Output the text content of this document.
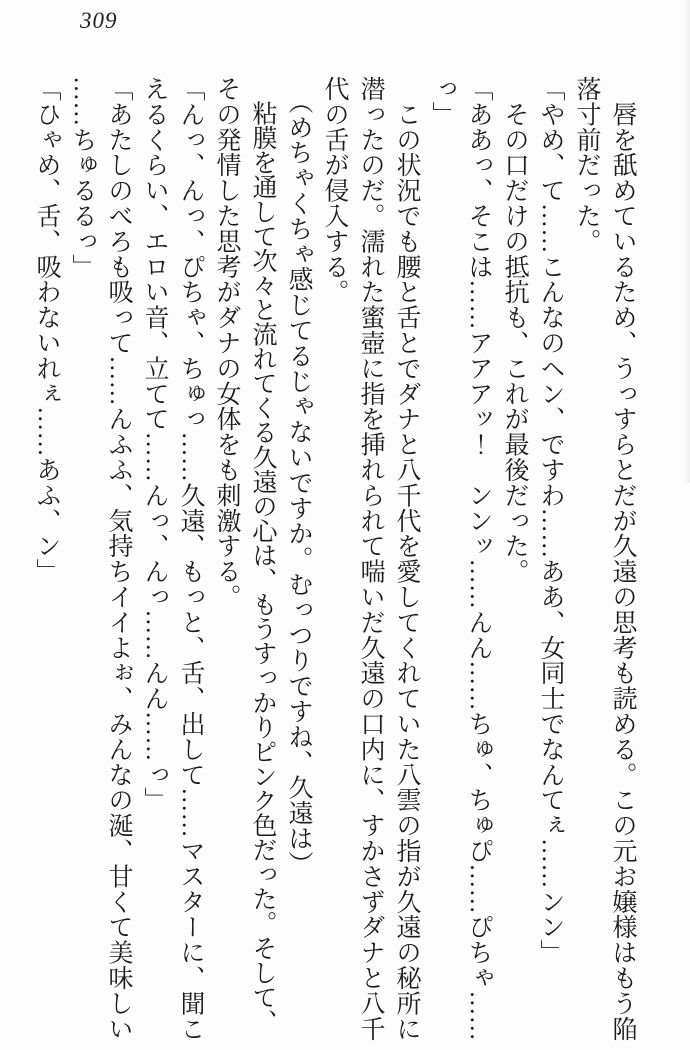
309
　唇を舐めているため、うっすらとだが久遠の思考も読める。この元お嬢様はもう陥
落寸前だった。
「やめ、て……こんなのヘン、ですわ……ああ、女同士でなんてぇ……ンン」
　その口だけの抵抗も、これが最後だった。
「ああっ、そこは……アアアッ！　ンンッ……んん……ちゅ、ちゅぴ……ぴちゃ……
っ」
　この状況でも腰と舌とでダナと八千代を愛してくれていた八雲の指が久遠の秘所に
潜ったのだ。濡れた蜜壺に指を挿れられて喘いだ久遠の口内に、すかさずダナと八千
代の舌が侵入する。
　（めちゃくちゃ感じてるじゃないですか。むっつりですね、久遠は）
　粘膜を通して次々と流れてくる久遠の心は、もうすっかりピンク色だった。そして、
その発情した思考がダナの女体をも刺激する。
「んっ、んっ、ぴちゃ、ちゅっ……久遠、もっと、舌、出して……マスターに、聞こ
えるくらい、エロい音、立てて……んっ、んっ……んん……っ」
「あたしのべろも吸って……んふふ、気持ちイイよぉ、みんなの涎、甘くて美味しい
……ちゅるるっ」
「ひゃめ、舌、吸わないれぇ……あふ、ン」
